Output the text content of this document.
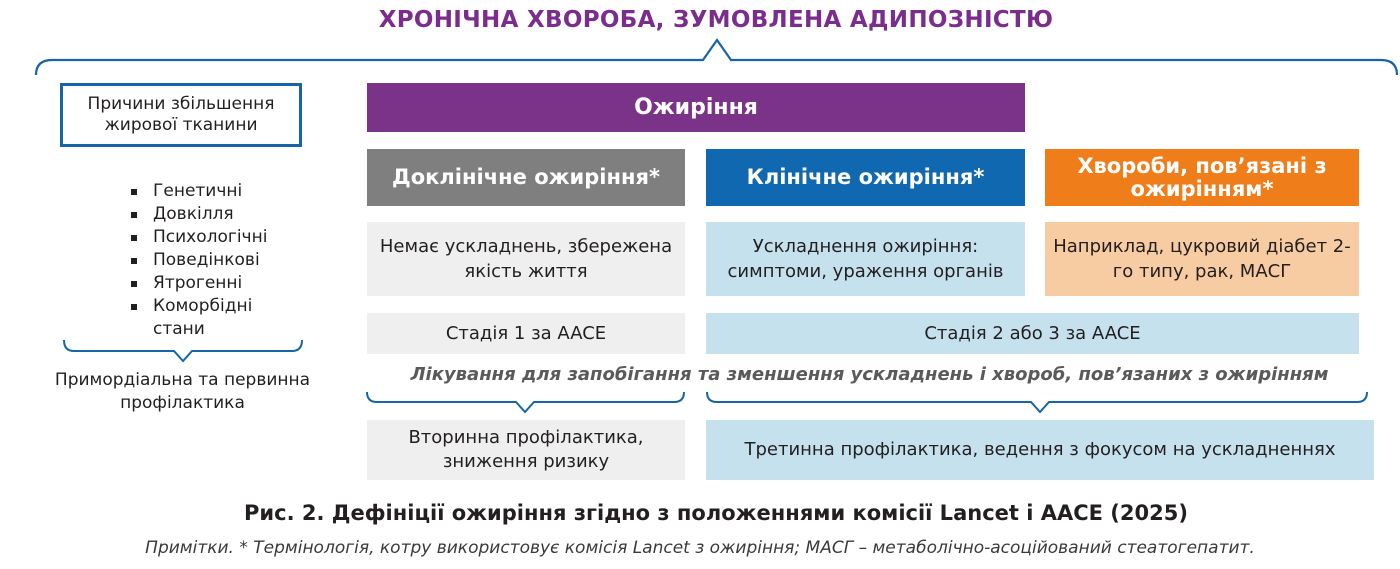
ХРОНІЧНА ХВОРОБА, ЗУМОВЛЕНА АДИПОЗНІСТЮ
Причини збільшення жирової тканини
Генетичні
Довкілля
Психологічні
Поведінкові
Ятрогенні
Коморбідні стани
Примордіальна та первинна профілактика
Ожиріння
Доклінічне ожиріння*	Клінічне ожиріння*	Хвороби, пов’язані з ожирінням*
Немає ускладнень, збережена якість життя
Ускладнення ожиріння: симптоми, ураження органів
Наприклад, цукровий діабет 2-го типу, рак, МАСГ
Стадія 1 за AACE	Стадія 2 або 3 за AACE
Лікування для запобігання та зменшення ускладнень і хвороб, пов’язаних з ожирінням
Вторинна профілактика, зниження ризику
Третинна профілактика, ведення з фокусом на ускладненнях
Рис. 2. Дефініції ожиріння згідно з положеннями комісії Lancet і AACE (2025)
Примітки. * Термінологія, котру використовує комісія Lancet з ожиріння; МАСГ – метаболічно-асоційований стеатогепатит.
